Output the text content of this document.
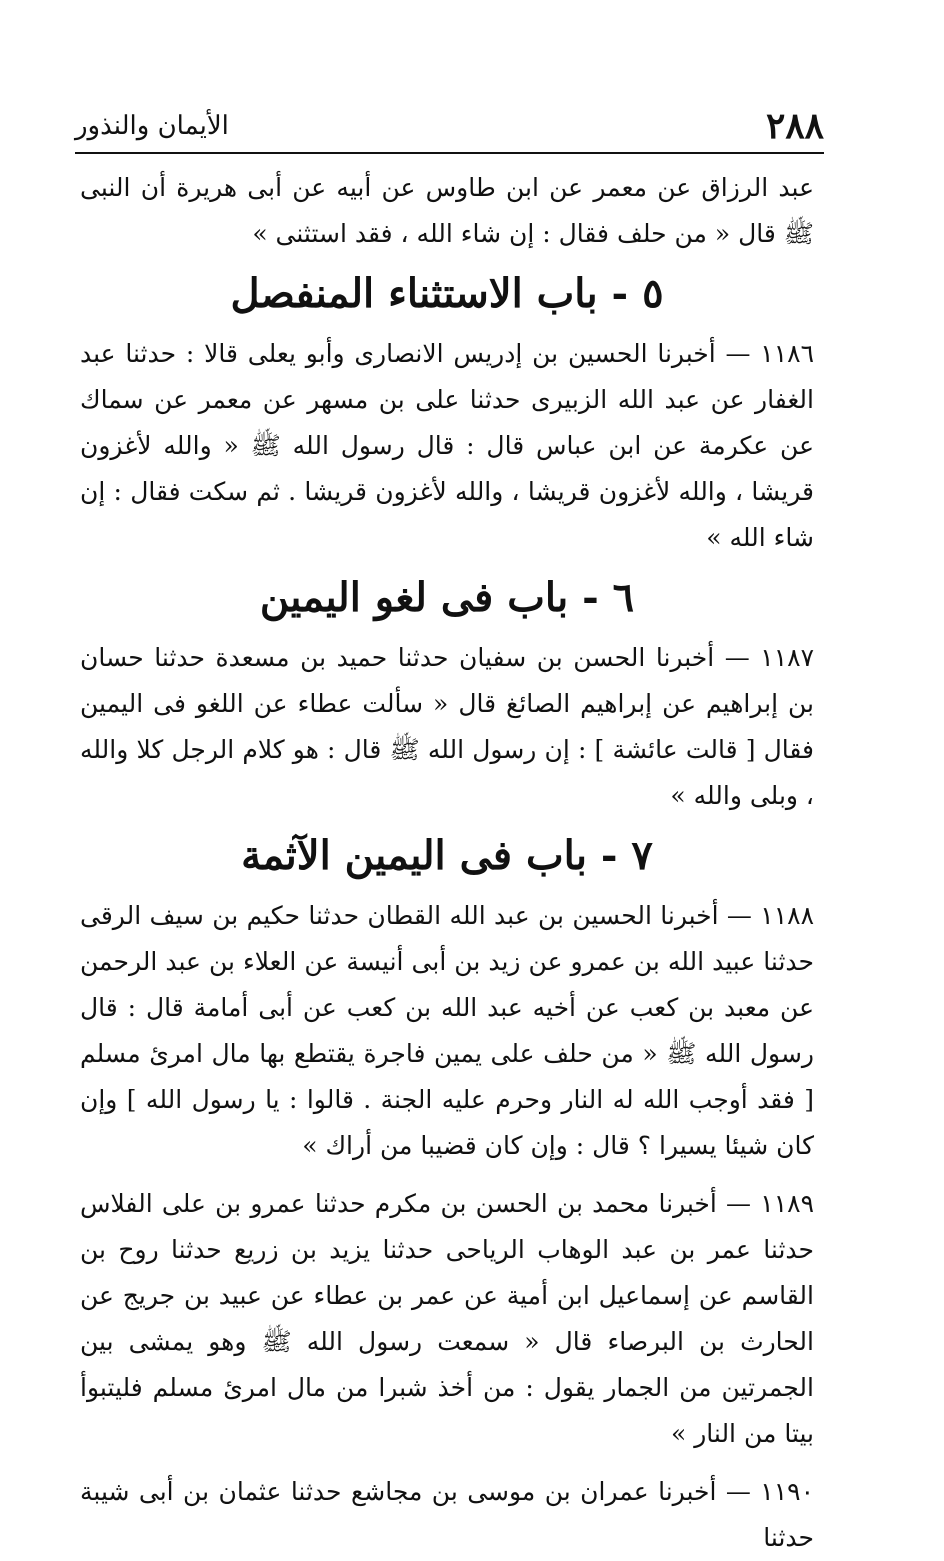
٢٨٨
الأيمان والنذور

عبد الرزاق عن معمر عن ابن طاوس عن أبيه عن أبى هريرة أن النبى ﷺ قال « من حلف فقال : إن شاء الله ، فقد استثنى »

٥ - باب الاستثناء المنفصل

١١٨٦ — أخبرنا الحسين بن إدريس الانصارى وأبو يعلى قالا : حدثنا عبد الغفار عن عبد الله الزبيرى حدثنا على بن مسهر عن معمر عن سماك عن عكرمة عن ابن عباس قال : قال رسول الله ﷺ « والله لأغزون قريشا ، والله لأغزون قريشا ، والله لأغزون قريشا . ثم سكت فقال : إن شاء الله »

٦ - باب فى لغو اليمين

١١٨٧ — أخبرنا الحسن بن سفيان حدثنا حميد بن مسعدة حدثنا حسان بن إبراهيم عن إبراهيم الصائغ قال « سألت عطاء عن اللغو فى اليمين فقال [ قالت عائشة ] : إن رسول الله ﷺ قال : هو كلام الرجل كلا والله ، وبلى والله »

٧ - باب فى اليمين الآثمة

١١٨٨ — أخبرنا الحسين بن عبد الله القطان حدثنا حكيم بن سيف الرقى حدثنا عبيد الله بن عمرو عن زيد بن أبى أنيسة عن العلاء بن عبد الرحمن عن معبد بن كعب عن أخيه عبد الله بن كعب عن أبى أمامة قال : قال رسول الله ﷺ « من حلف على يمين فاجرة يقتطع بها مال امرئ مسلم [ فقد أوجب الله له النار وحرم عليه الجنة . قالوا : يا رسول الله ] وإن كان شيئا يسيرا ؟ قال : وإن كان قضيبا من أراك »

١١٨٩ — أخبرنا محمد بن الحسن بن مكرم حدثنا عمرو بن على الفلاس حدثنا عمر بن عبد الوهاب الرياحى حدثنا يزيد بن زريع حدثنا روح بن القاسم عن إسماعيل ابن أمية عن عمر بن عطاء عن عبيد بن جريج عن الحارث بن البرصاء قال « سمعت رسول الله ﷺ وهو يمشى بين الجمرتين من الجمار يقول : من أخذ شبرا من مال امرئ مسلم فليتبوأ بيتا من النار »

١١٩٠ — أخبرنا عمران بن موسى بن مجاشع حدثنا عثمان بن أبى شيبة حدثنا
